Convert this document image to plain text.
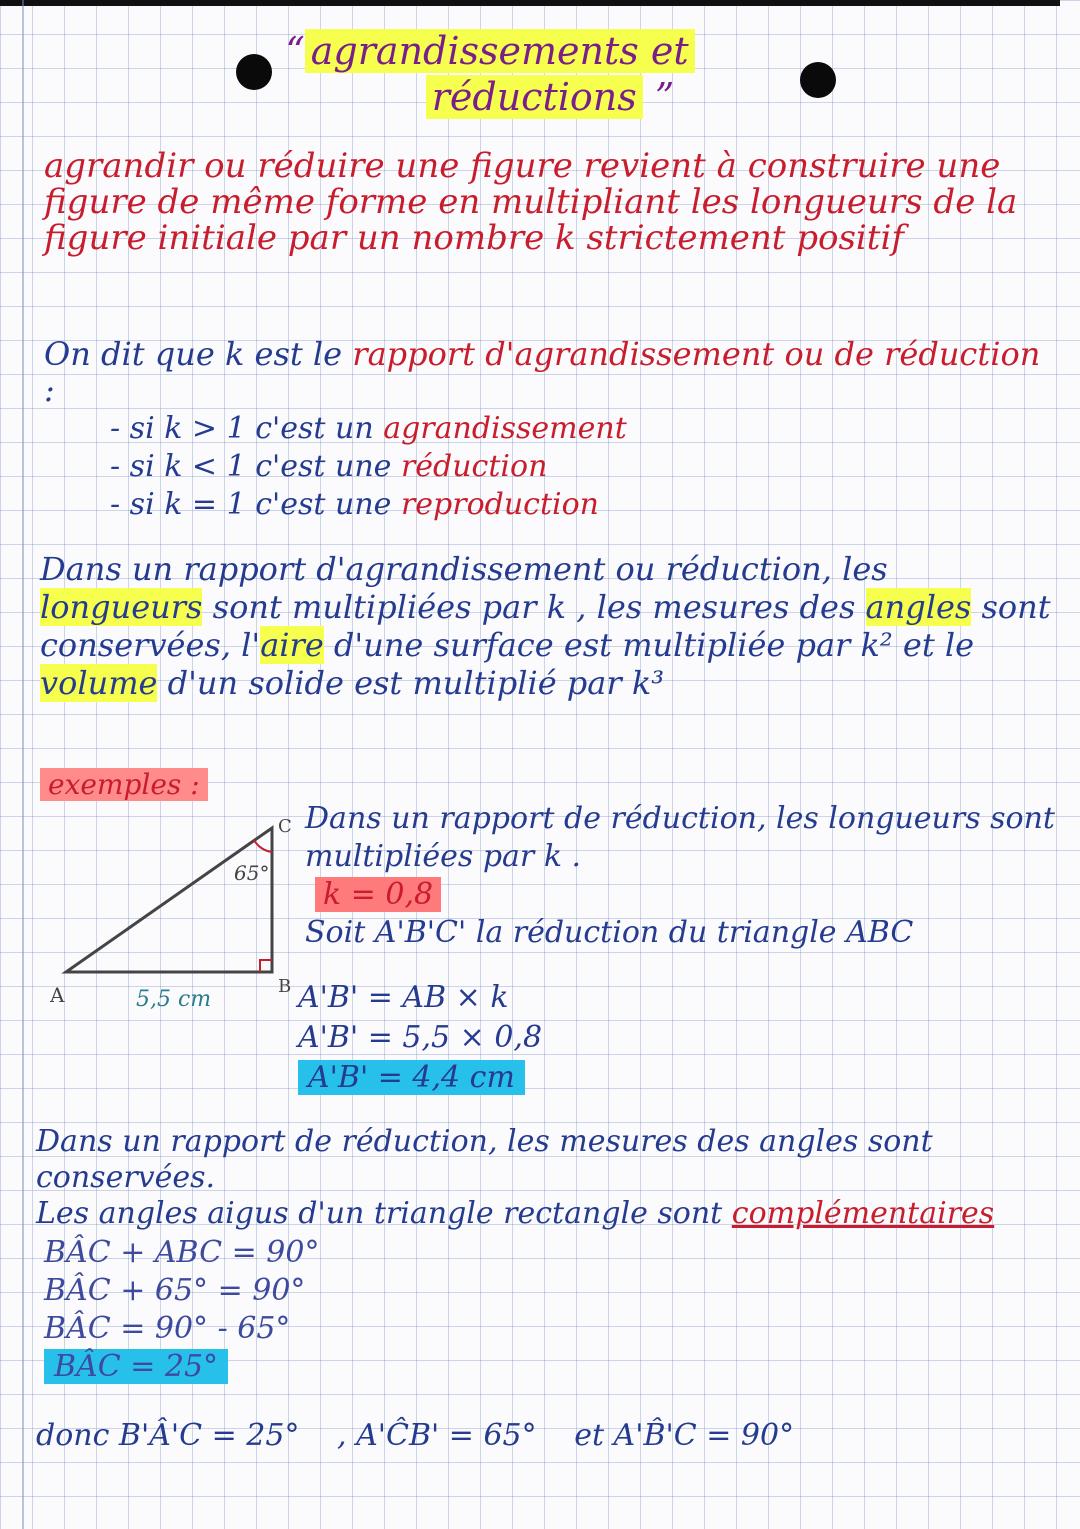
“ agrandissements et
réductions ”
agrandir ou réduire une figure revient à construire une figure de même forme en multipliant les longueurs de la figure initiale par un nombre k strictement positif
On dit que k est le rapport d'agrandissement ou de réduction :
- si k > 1 c'est un agrandissement
- si k < 1 c'est une réduction
- si k = 1 c'est une reproduction
Dans un rapport d'agrandissement ou réduction, les longueurs sont multipliées par k , les mesures des angles sont conservées, l'aire d'une surface est multipliée par k² et le volume d'un solide est multiplié par k³
exemples :
65°
A	B
C
5,5 cm
Dans un rapport de réduction, les longueurs sont multipliées par k .
k = 0,8
Soit A'B'C' la réduction du triangle ABC
A'B' = AB × k
A'B' = 5,5 × 0,8
A'B' = 4,4 cm
Dans un rapport de réduction, les mesures des angles sont conservées.
Les angles aigus d'un triangle rectangle sont complémentaires
BÂC + ABC = 90°
BÂC + 65° = 90°
BÂC = 90° - 65°
BÂC = 25°
donc B'Â'C = 25° , A'ĈB' = 65° et A'B̂'C = 90°
